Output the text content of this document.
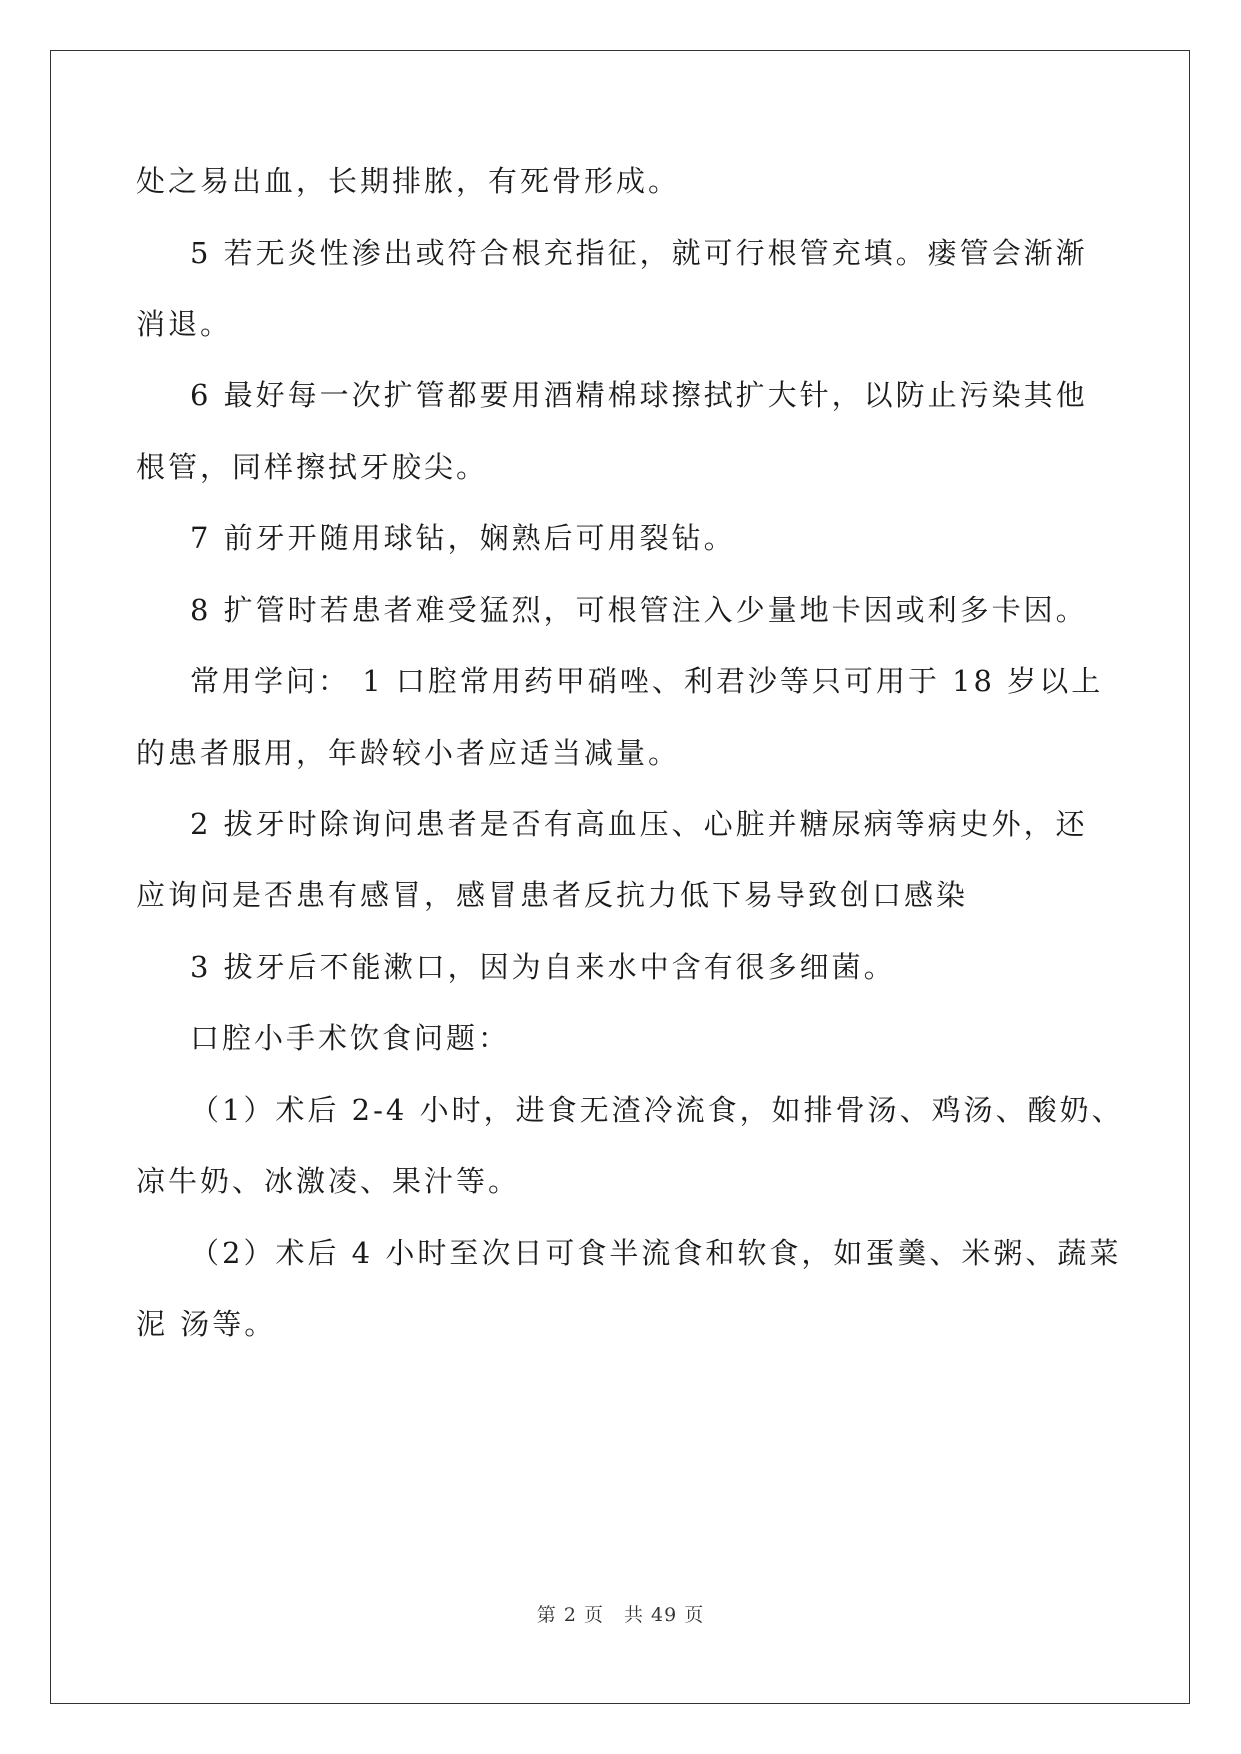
处之易出血，长期排脓，有死骨形成。
5 若无炎性渗出或符合根充指征，就可行根管充填。瘘管会渐渐
消退。
6 最好每一次扩管都要用酒精棉球擦拭扩大针，以防止污染其他
根管，同样擦拭牙胶尖。
7 前牙开随用球钻，娴熟后可用裂钻。
8 扩管时若患者难受猛烈，可根管注入少量地卡因或利多卡因。
常用学问： 1 口腔常用药甲硝唑、利君沙等只可用于 18 岁以上
的患者服用，年龄较小者应适当减量。
2 拔牙时除询问患者是否有高血压、心脏并糖尿病等病史外，还
应询问是否患有感冒，感冒患者反抗力低下易导致创口感染
3 拔牙后不能漱口，因为自来水中含有很多细菌。
口腔小手术饮食问题：
（1）术后 2-4 小时，进食无渣冷流食，如排骨汤、鸡汤、酸奶、
凉牛奶、冰激凌、果汁等。
（2）术后 4 小时至次日可食半流食和软食，如蛋羹、米粥、蔬菜
泥 汤等。
第 2 页　共 49 页
